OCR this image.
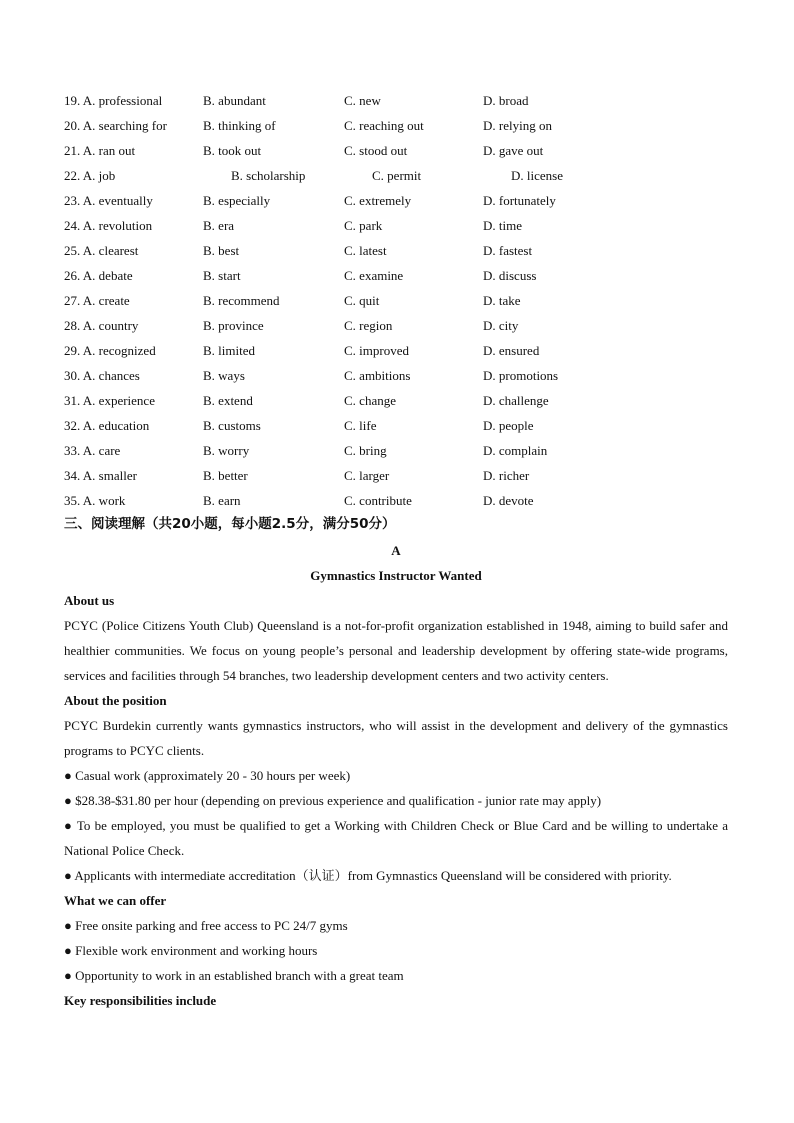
19. A. professional	B. abundant	C. new	D. broad
20. A. searching for	B. thinking of	C. reaching out	D. relying on
21. A. ran out	B. took out	C. stood out	D. gave out
22. A. job	B. scholarship	C. permit	D. license
23. A. eventually	B. especially	C. extremely	D. fortunately
24. A. revolution	B. era	C. park	D. time
25. A. clearest	B. best	C. latest	D. fastest
26. A. debate	B. start	C. examine	D. discuss
27. A. create	B. recommend	C. quit	D. take
28. A. country	B. province	C. region	D. city
29. A. recognized	B. limited	C. improved	D. ensured
30. A. chances	B. ways	C. ambitions	D. promotions
31. A. experience	B. extend	C. change	D. challenge
32. A. education	B. customs	C. life	D. people
33. A. care	B. worry	C. bring	D. complain
34. A. smaller	B. better	C. larger	D. richer
35. A. work	B. earn	C. contribute	D. devote
三、阅读理解（共20小题，每小题2.5分，满分50分）

A

Gymnastics Instructor Wanted

About us

PCYC (Police Citizens Youth Club) Queensland is a not-for-profit organization established in 1948, aiming to build safer and healthier communities. We focus on young people’s personal and leadership development by offering state-wide programs, services and facilities through 54 branches, two leadership development centers and two activity centers.

About the position

PCYC Burdekin currently wants gymnastics instructors, who will assist in the development and delivery of the gymnastics programs to PCYC clients.

● Casual work (approximately 20 - 30 hours per week)

● $28.38-$31.80 per hour (depending on previous experience and qualification - junior rate may apply)

● To be employed, you must be qualified to get a Working with Children Check or Blue Card and be willing to undertake a National Police Check.

● Applicants with intermediate accreditation（认证）from Gymnastics Queensland will be considered with priority.

What we can offer

● Free onsite parking and free access to PC 24/7 gyms

● Flexible work environment and working hours

● Opportunity to work in an established branch with a great team

Key responsibilities include
